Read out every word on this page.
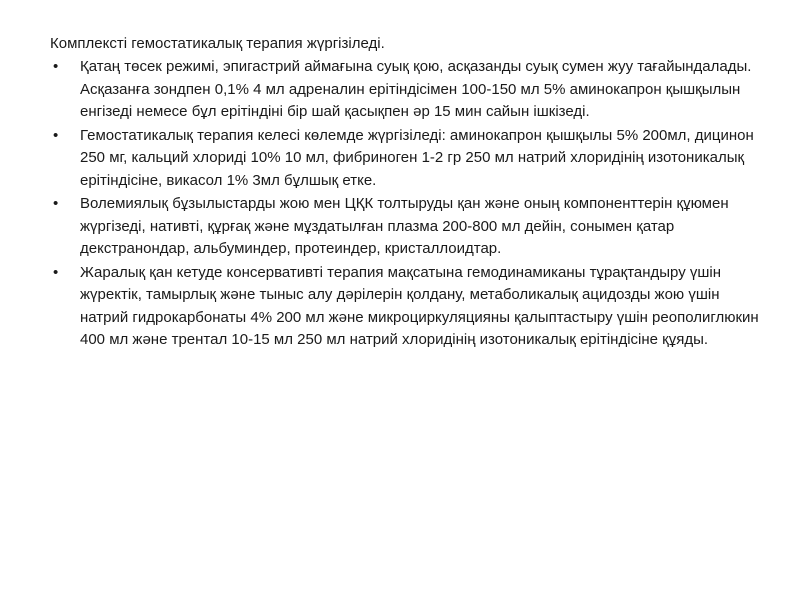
Комплексті гемостатикалық терапия жүргізіледі.

• Қатаң төсек режимі, эпигастрий аймағына суық қою, асқазанды суық сумен жуу тағайындалады. Асқазанға зондпен 0,1% 4 мл адреналин ерітіндісімен 100-150 мл 5% аминокапрон қышқылын енгізеді немесе бұл ерітіндіні бір шай қасықпен әр 15 мин сайын ішкізеді.
• Гемостатикалық терапия келесі көлемде жүргізіледі: аминокапрон қышқылы 5% 200мл, дицинон 250 мг, кальций хлориді 10% 10 мл, фибриноген 1-2 гр 250 мл натрий хлоридінің изотоникалық ерітіндісіне, викасол 1% 3мл бұлшық етке.
• Волемиялық бұзылыстарды жою мен ЦҚК толтыруды қан және оның компоненттерін құюмен жүргізеді, нативті, құрғақ және мұздатылған плазма 200-800 мл дейін, сонымен қатар декстранондар, альбуминдер, протеиндер, кристаллоидтар.
• Жаралық қан кетуде консервативті терапия мақсатына гемодинамиканы тұрақтандыру үшін жүректік, тамырлық және тыныс алу дәрілерін қолдану, метаболикалық ацидозды жою үшін натрий гидрокарбонаты 4% 200 мл және микроциркуляцияны қалыптастыру үшін реополиглюкин 400 мл және трентал 10-15 мл 250 мл натрий хлоридінің изотоникалық ерітіндісіне құяды.
